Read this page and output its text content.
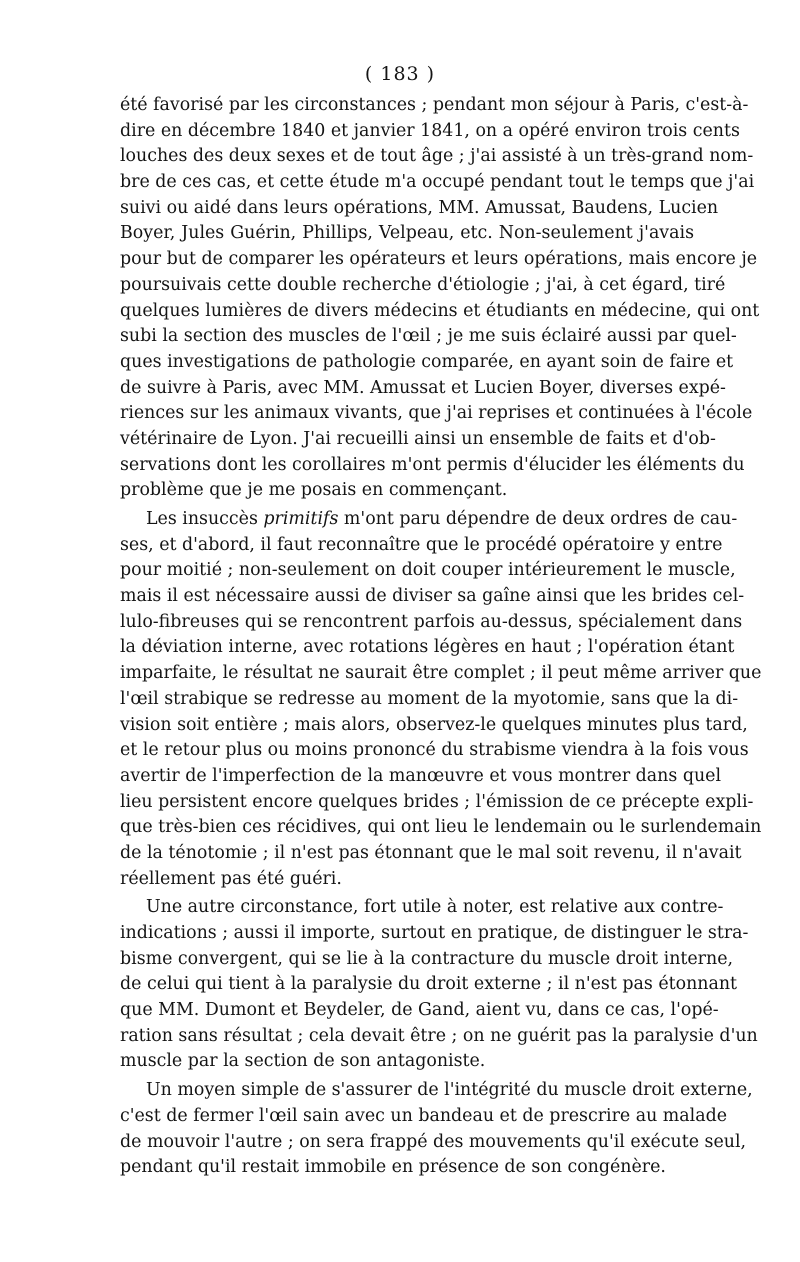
( 183 )
été favorisé par les circonstances ; pendant mon séjour à Paris, c'est-à-
dire en décembre 1840 et janvier 1841, on a opéré environ trois cents
louches des deux sexes et de tout âge ; j'ai assisté à un très-grand nom-
bre de ces cas, et cette étude m'a occupé pendant tout le temps que j'ai
suivi ou aidé dans leurs opérations, MM. Amussat, Baudens, Lucien
Boyer, Jules Guérin, Phillips, Velpeau, etc. Non-seulement j'avais
pour but de comparer les opérateurs et leurs opérations, mais encore je
poursuivais cette double recherche d'étiologie ; j'ai, à cet égard, tiré
quelques lumières de divers médecins et étudiants en médecine, qui ont
subi la section des muscles de l'œil ; je me suis éclairé aussi par quel-
ques investigations de pathologie comparée, en ayant soin de faire et
de suivre à Paris, avec MM. Amussat et Lucien Boyer, diverses expé-
riences sur les animaux vivants, que j'ai reprises et continuées à l'école
vétérinaire de Lyon. J'ai recueilli ainsi un ensemble de faits et d'ob-
servations dont les corollaires m'ont permis d'élucider les éléments du
problème que je me posais en commençant.
Les insuccès primitifs m'ont paru dépendre de deux ordres de cau-
ses, et d'abord, il faut reconnaître que le procédé opératoire y entre
pour moitié ; non-seulement on doit couper intérieurement le muscle,
mais il est nécessaire aussi de diviser sa gaîne ainsi que les brides cel-
lulo-fibreuses qui se rencontrent parfois au-dessus, spécialement dans
la déviation interne, avec rotations légères en haut ; l'opération étant
imparfaite, le résultat ne saurait être complet ; il peut même arriver que
l'œil strabique se redresse au moment de la myotomie, sans que la di-
vision soit entière ; mais alors, observez-le quelques minutes plus tard,
et le retour plus ou moins prononcé du strabisme viendra à la fois vous
avertir de l'imperfection de la manœuvre et vous montrer dans quel
lieu persistent encore quelques brides ; l'émission de ce précepte expli-
que très-bien ces récidives, qui ont lieu le lendemain ou le surlendemain
de la ténotomie ; il n'est pas étonnant que le mal soit revenu, il n'avait
réellement pas été guéri.
Une autre circonstance, fort utile à noter, est relative aux contre-
indications ; aussi il importe, surtout en pratique, de distinguer le stra-
bisme convergent, qui se lie à la contracture du muscle droit interne,
de celui qui tient à la paralysie du droit externe ; il n'est pas étonnant
que MM. Dumont et Beydeler, de Gand, aient vu, dans ce cas, l'opé-
ration sans résultat ; cela devait être ; on ne guérit pas la paralysie d'un
muscle par la section de son antagoniste.
Un moyen simple de s'assurer de l'intégrité du muscle droit externe,
c'est de fermer l'œil sain avec un bandeau et de prescrire au malade
de mouvoir l'autre ; on sera frappé des mouvements qu'il exécute seul,
pendant qu'il restait immobile en présence de son congénère.
